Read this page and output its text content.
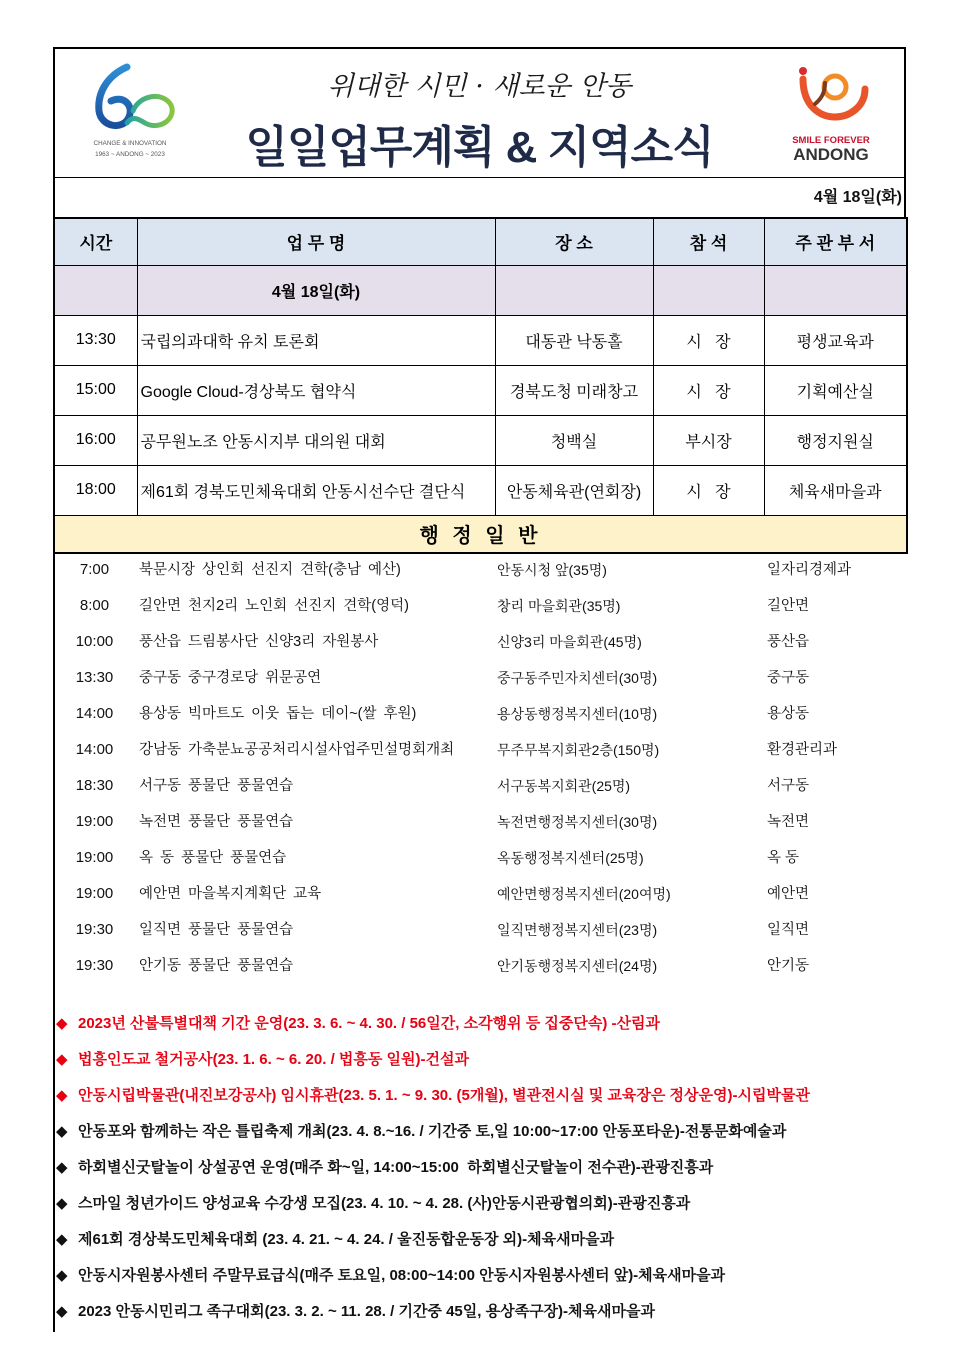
CHANGE & INNOVATION
1963 ~ ANDONG ~ 2023
위대한 시민 · 새로운 안동
일일업무계획 & 지역소식	SMILE FOREVER
ANDONG
4월 18일(화)
시간	업 무 명	장 소	참 석	주 관 부 서
	4월 18일(화)			
13:30	국립의과대학 유치 토론회	대동관 낙동홀	시   장	평생교육과
15:00	Google Cloud-경상북도 협약식	경북도청 미래창고	시   장	기획예산실
16:00	공무원노조 안동시지부 대의원 대회	청백실	부시장	행정지원실
18:00	제61회 경북도민체육대회 안동시선수단 결단식	안동체육관(연회장)	시   장	체육새마을과
행 정 일 반				
7:00	북문시장 상인회 선진지 견학(충남 예산)	안동시청 앞(35명)	일자리경제과
8:00	길안면 천지2리 노인회 선진지 견학(영덕)	창리 마을회관(35명)	길안면
10:00	풍산읍 드림봉사단 신양3리 자원봉사	신양3리 마을회관(45명)	풍산읍
13:30	중구동 중구경로당 위문공연	중구동주민자치센터(30명)	중구동
14:00	용상동 빅마트도 이웃 돕는 데이~(쌀 후원)	용상동행정복지센터(10명)	용상동
14:00	강남동 가축분뇨공공처리시설사업주민설명회개최	무주무복지회관2층(150명)	환경관리과
18:30	서구동 풍물단 풍물연습	서구동복지회관(25명)	서구동
19:00	녹전면 풍물단 풍물연습	녹전면행정복지센터(30명)	녹전면
19:00	옥 동 풍물단 풍물연습	옥동행정복지센터(25명)	옥 동
19:00	예안면 마을복지계획단 교육	예안면행정복지센터(20여명)	예안면
19:30	일직면 풍물단 풍물연습	일직면행정복지센터(23명)	일직면
19:30	안기동 풍물단 풍물연습	안기동행정복지센터(24명)	안기동
◆ 2023년 산불특별대책 기간 운영(23. 3. 6. ~ 4. 30. / 56일간, 소각행위 등 집중단속) -산림과
◆ 법흥인도교 철거공사(23. 1. 6. ~ 6. 20. / 법흥동 일원)-건설과
◆ 안동시립박물관(내진보강공사) 임시휴관(23. 5. 1. ~ 9. 30. (5개월), 별관전시실 및 교육장은 정상운영)-시립박물관
◆ 안동포와 함께하는 작은 틀립축제 개최(23. 4. 8.~16. / 기간중 토,일 10:00~17:00 안동포타운)-전통문화예술과
◆ 하회별신굿탈놀이 상설공연 운영(매주 화~일, 14:00~15:00  하회별신굿탈놀이 전수관)-관광진흥과
◆ 스마일 청년가이드 양성교육 수강생 모집(23. 4. 10. ~ 4. 28. (사)안동시관광협의회)-관광진흥과
◆ 제61회 경상북도민체육대회 (23. 4. 21. ~ 4. 24. / 울진동합운동장 외)-체육새마을과
◆ 안동시자원봉사센터 주말무료급식(매주 토요일, 08:00~14:00 안동시자원봉사센터 앞)-체육새마을과
◆ 2023 안동시민리그 족구대회(23. 3. 2. ~ 11. 28. / 기간중 45일, 용상족구장)-체육새마을과
